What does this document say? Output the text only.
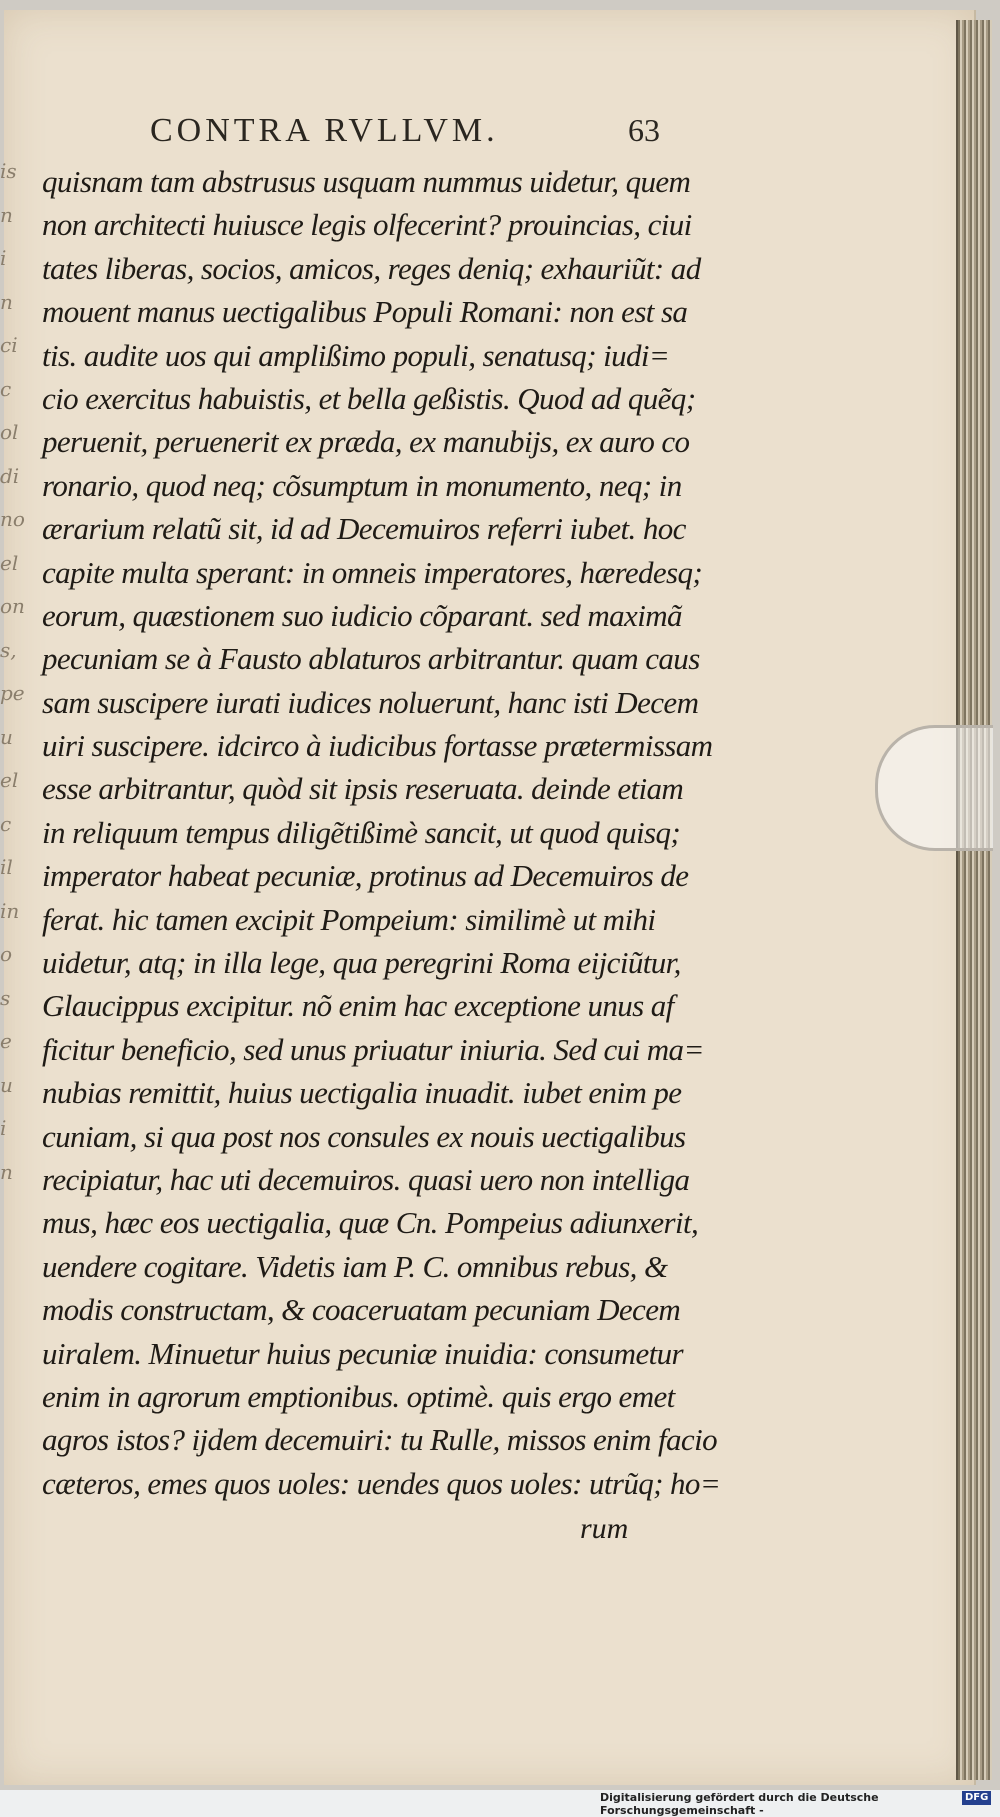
is
n
i
n
ci
c
ol
di
no
el
on
s,
pe
u
el
c
il
in
o
s
e
u
i
n
CONTRA RVLLVM.	63
quisnam tam abstrusus usquam nummus uidetur, quem
non architecti huiusce legis olfecerint? prouincias, ciui
tates liberas, socios, amicos, reges deniq; exhauriũt: ad
mouent manus uectigalibus Populi Romani: non est sa
tis. audite uos qui amplißimo populi, senatusq; iudi=
cio exercitus habuistis, et bella geßistis. Quod ad quẽq;
peruenit, peruenerit ex præda, ex manubijs, ex auro co
ronario, quod neq; cõsumptum in monumento, neq; in
ærarium relatũ sit, id ad Decemuiros referri iubet. hoc
capite multa sperant: in omneis imperatores, hæredesq;
eorum, quæstionem suo iudicio cõparant. sed maximã
pecuniam se à Fausto ablaturos arbitrantur. quam caus
sam suscipere iurati iudices noluerunt, hanc isti Decem
uiri suscipere. idcirco à iudicibus fortasse prætermissam
esse arbitrantur, quòd sit ipsis reseruata. deinde etiam
in reliquum tempus diligẽtißimè sancit, ut quod quisq;
imperator habeat pecuniæ, protinus ad Decemuiros de
ferat. hic tamen excipit Pompeium: similimè ut mihi
uidetur, atq; in illa lege, qua peregrini Roma eijciũtur,
Glaucippus excipitur. nõ enim hac exceptione unus af
ficitur beneficio, sed unus priuatur iniuria. Sed cui ma=
nubias remittit, huius uectigalia inuadit. iubet enim pe
cuniam, si qua post nos consules ex nouis uectigalibus
recipiatur, hac uti decemuiros. quasi uero non intelliga
mus, hæc eos uectigalia, quæ Cn. Pompeius adiunxerit,
uendere cogitare. Videtis iam P. C. omnibus rebus, &
modis constructam, & coaceruatam pecuniam Decem
uiralem. Minuetur huius pecuniæ inuidia: consumetur
enim in agrorum emptionibus. optimè. quis ergo emet
agros istos? ijdem decemuiri: tu Rulle, missos enim facio
cæteros, emes quos uoles: uendes quos uoles: utrũq; ho=
rum
Digitalisierung gefördert durch die Deutsche Forschungsgemeinschaft -
DFG
